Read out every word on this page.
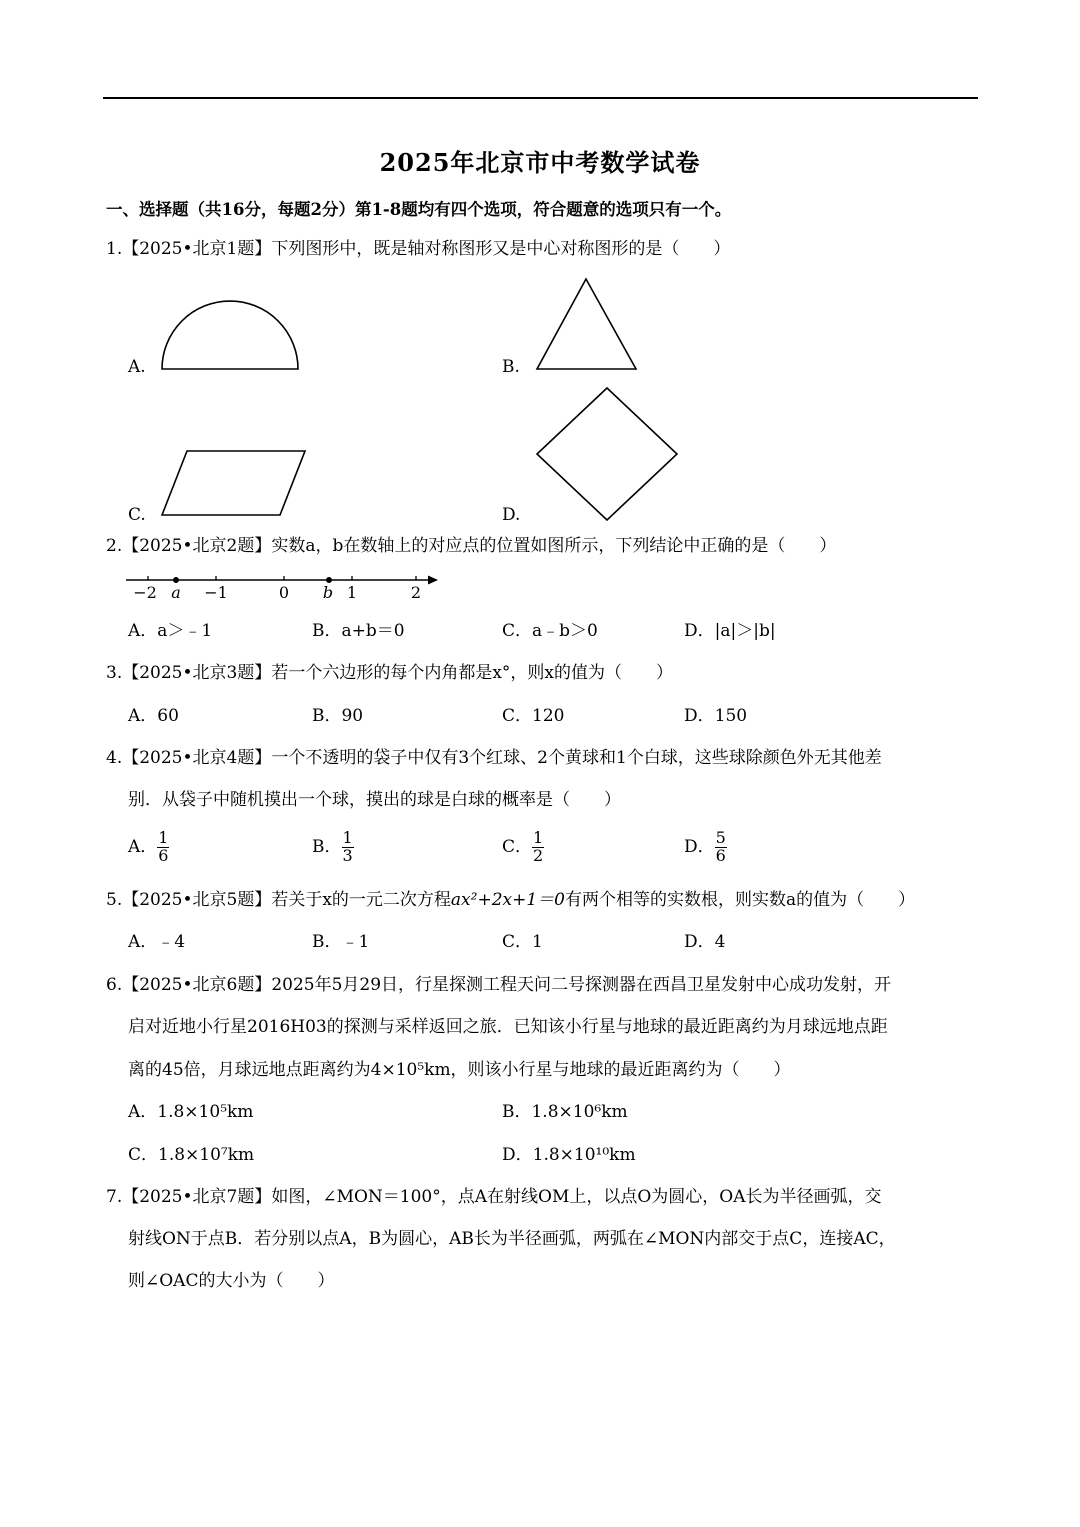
2025年北京市中考数学试卷
一、选择题（共16分，每题2分）第1-8题均有四个选项，符合题意的选项只有一个。
1.【2025•北京1题】下列图形中，既是轴对称图形又是中心对称图形的是（　　）
A.	B.
C.	D.
2.【2025•北京2题】实数a，b在数轴上的对应点的位置如图所示，下列结论中正确的是（　　）
−2	−1	0	1	2
a	b
A．a＞﹣1	B．a+b＝0	C．a﹣b＞0	D．|a|＞|b|
3.【2025•北京3题】若一个六边形的每个内角都是x°，则x的值为（　　）
A．60	B．90	C．120	D．150
4.【2025•北京4题】一个不透明的袋子中仅有3个红球、2个黄球和1个白球，这些球除颜色外无其他差
别．从袋子中随机摸出一个球，摸出的球是白球的概率是（　　）
A． $\frac{1}{6}$	B． $\frac{1}{3}$	C． $\frac{1}{2}$	D． $\frac{5}{6}$
5.【2025•北京5题】若关于x的一元二次方程ax²+2x+1＝0有两个相等的实数根，则实数a的值为（　　）
A．﹣4	B．﹣1	C．1	D．4
6.【2025•北京6题】2025年5月29日，行星探测工程天问二号探测器在西昌卫星发射中心成功发射，开
启对近地小行星2016H03的探测与采样返回之旅．已知该小行星与地球的最近距离约为月球远地点距
离的45倍，月球远地点距离约为4×10⁵km，则该小行星与地球的最近距离约为（　　）
A．1.8×10⁵km	B．1.8×10⁶km
C．1.8×10⁷km	D．1.8×10¹⁰km
7.【2025•北京7题】如图，∠MON＝100°，点A在射线OM上，以点O为圆心，OA长为半径画弧，交
射线ON于点B．若分别以点A，B为圆心，AB长为半径画弧，两弧在∠MON内部交于点C，连接AC，
则∠OAC的大小为（　　）
